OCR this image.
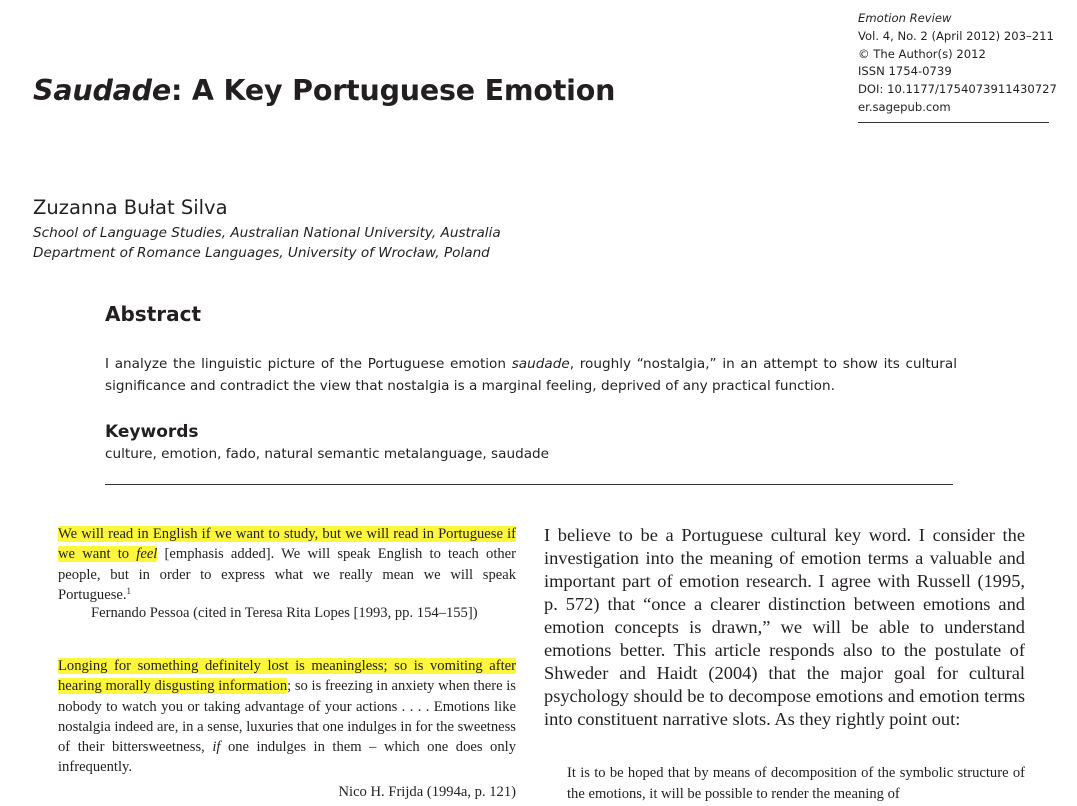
Emotion Review
Vol. 4, No. 2 (April 2012) 203–211
© The Author(s) 2012
ISSN 1754-0739
DOI: 10.1177/1754073911430727
er.sagepub.com
Saudade: A Key Portuguese Emotion
Zuzanna Bułat Silva
School of Language Studies, Australian National University, Australia
Department of Romance Languages, University of Wrocław, Poland
Abstract
I analyze the linguistic picture of the Portuguese emotion saudade, roughly “nostalgia,” in an attempt to show its cultural significance and contradict the view that nostalgia is a marginal feeling, deprived of any practical function.
Keywords
culture, emotion, fado, natural semantic metalanguage, saudade
We will read in English if we want to study, but we will read in Portuguese if we want to feel [emphasis added]. We will speak English to teach other people, but in order to express what we really mean we will speak Portuguese.$^1$
Fernando Pessoa (cited in Teresa Rita Lopes [1993, pp. 154–155])
Longing for something definitely lost is meaningless; so is vomiting after hearing morally disgusting information; so is freezing in anxiety when there is nobody to watch you or taking advantage of your actions . . . . Emotions like nostalgia indeed are, in a sense, luxuries that one indulges in for the sweetness of their bittersweetness, if one indulges in them – which one does only infrequently.
Nico H. Frijda (1994a, p. 121)
I believe to be a Portuguese cultural key word. I consider the investigation into the meaning of emotion terms a valuable and important part of emotion research. I agree with Russell (1995, p. 572) that “once a clearer distinction between emotions and emotion concepts is drawn,” we will be able to understand emotions better. This article responds also to the postulate of Shweder and Haidt (2004) that the major goal for cultural psychology should be to decompose emotions and emotion terms into constituent narrative slots. As they rightly point out:
It is to be hoped that by means of decomposition of the symbolic structure of the emotions, it will be possible to render the meaning of
